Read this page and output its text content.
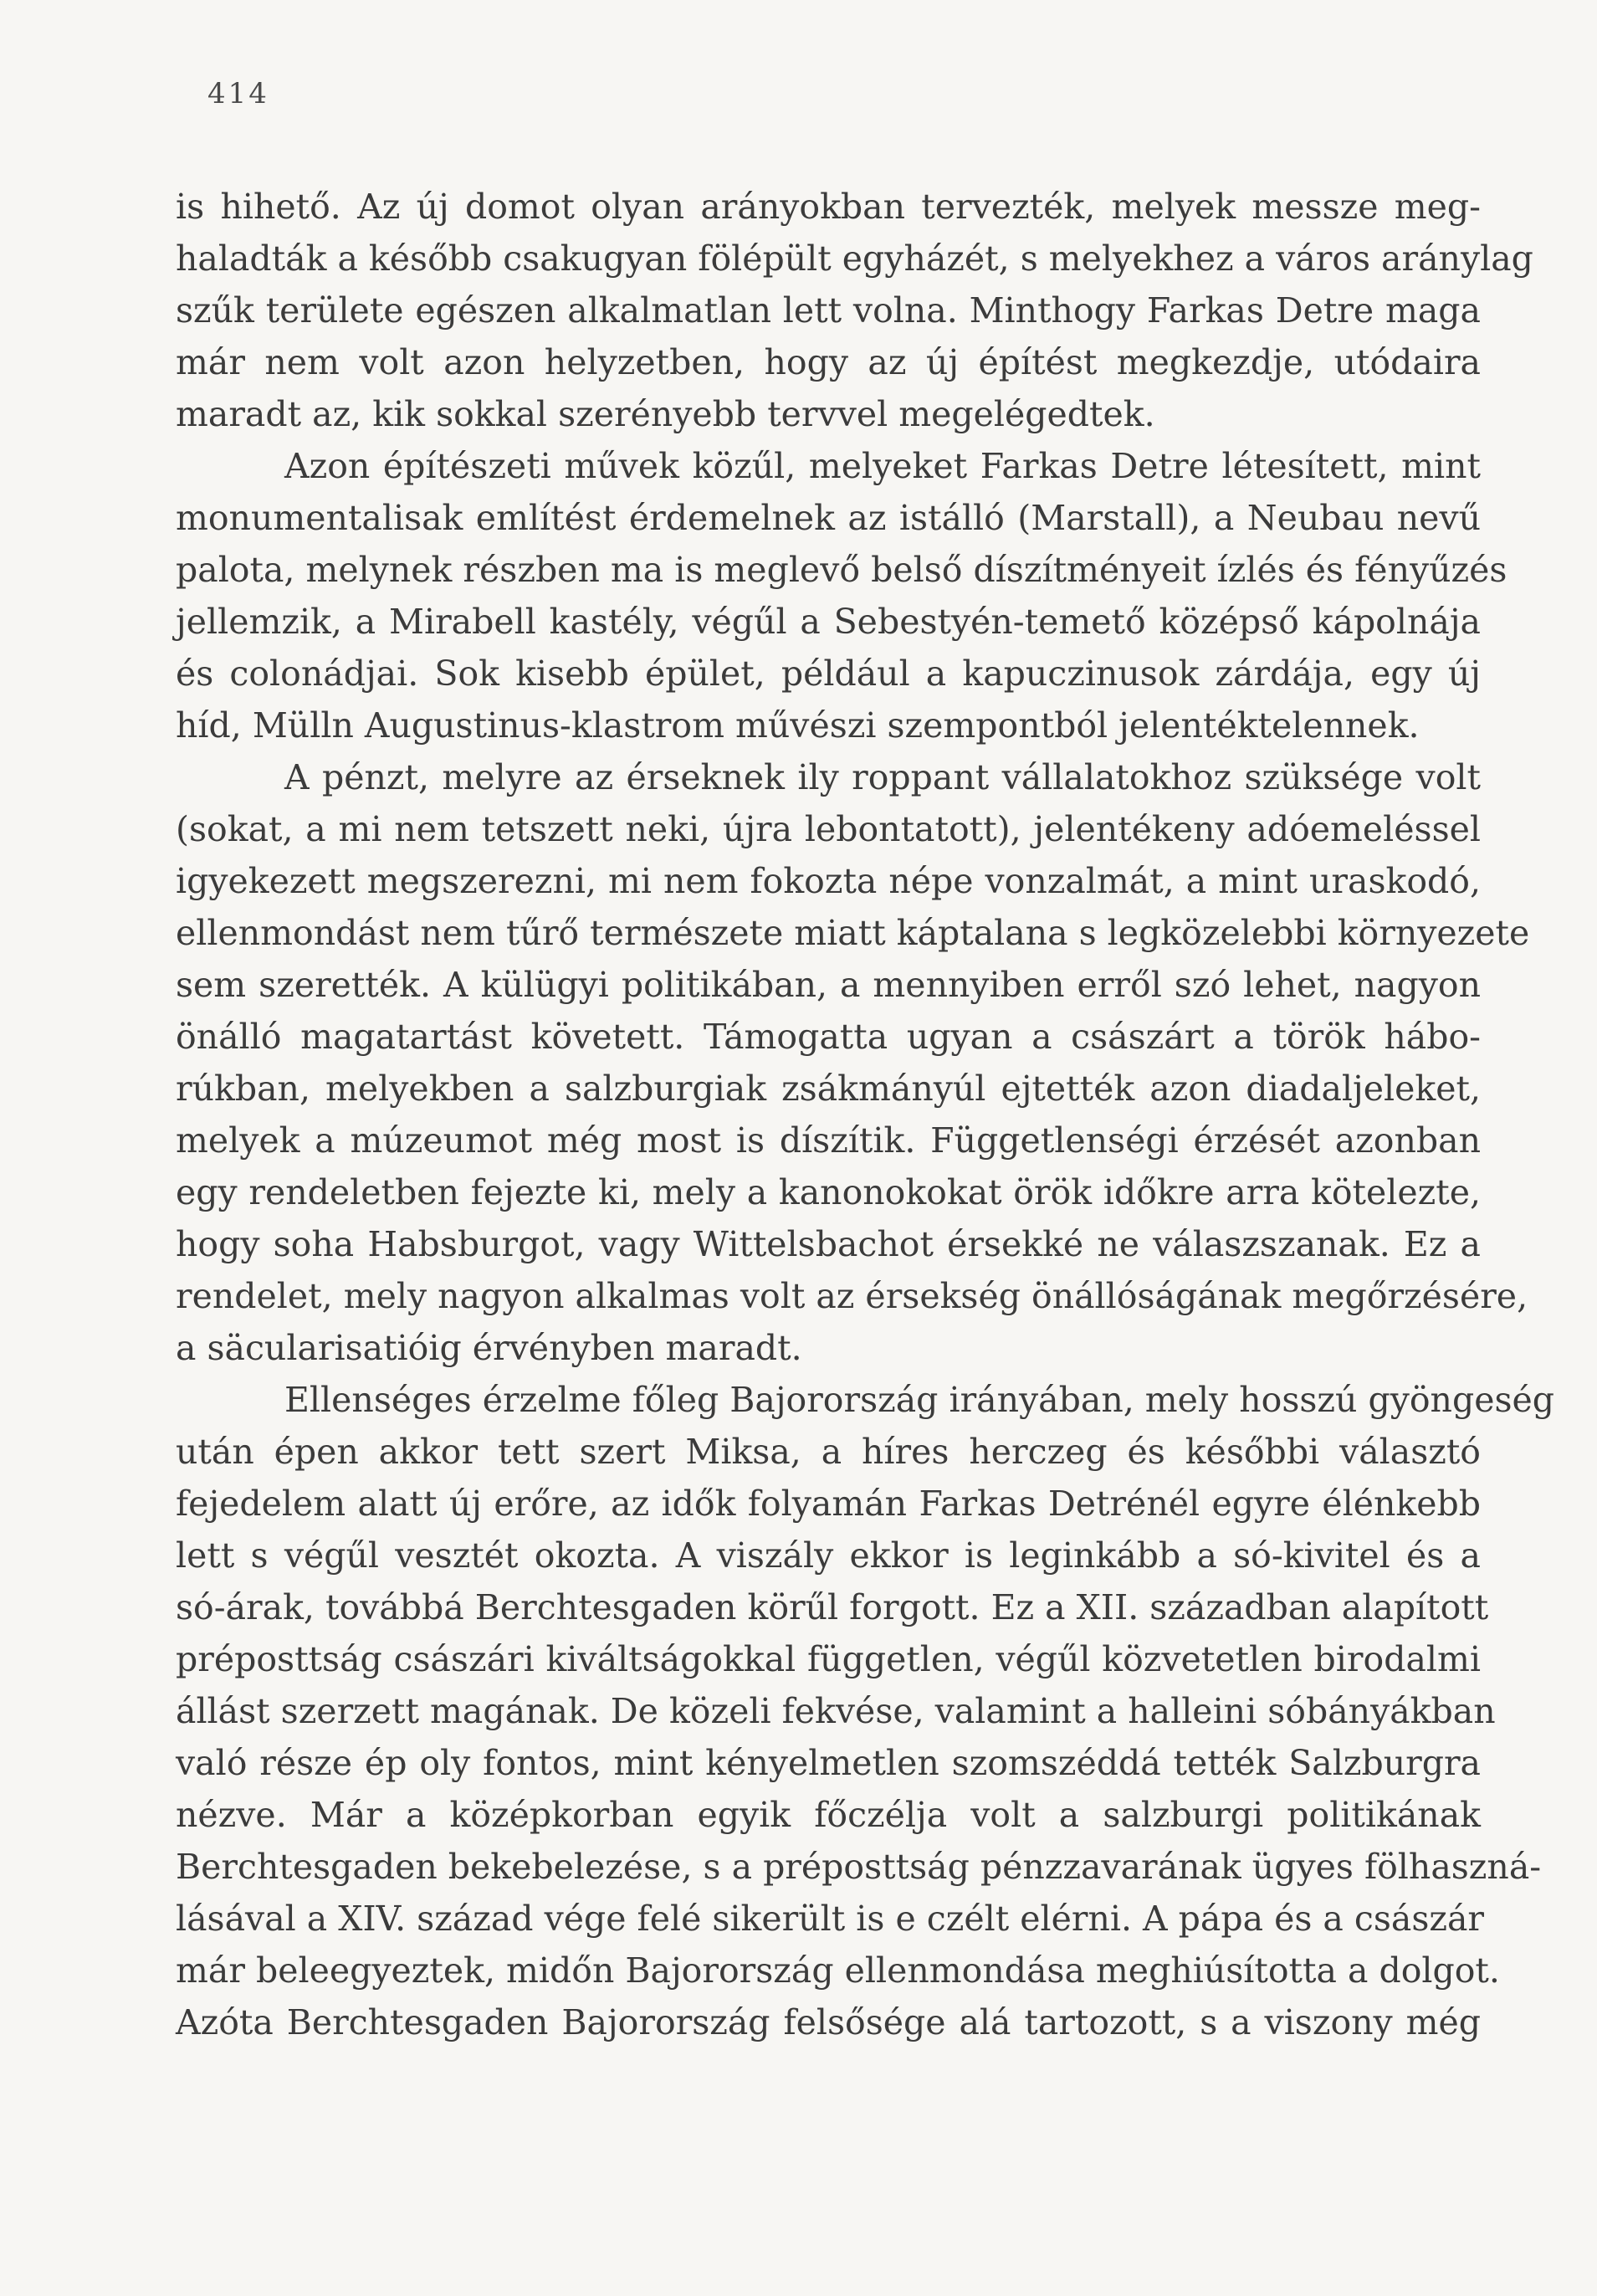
414
is hihető. Az új domot olyan arányokban tervezték, melyek messze meg-
haladták a később csakugyan fölépült egyházét, s melyekhez a város aránylag
szűk területe egészen alkalmatlan lett volna. Minthogy Farkas Detre maga
már nem volt azon helyzetben, hogy az új építést megkezdje, utódaira
maradt az, kik sokkal szerényebb tervvel megelégedtek.
Azon építészeti művek közűl, melyeket Farkas Detre létesített, mint
monumentalisak említést érdemelnek az istálló (Marstall), a Neubau nevű
palota, melynek részben ma is meglevő belső díszítményeit ízlés és fényűzés
jellemzik, a Mirabell kastély, végűl a Sebestyén-temető középső kápolnája
és colonádjai. Sok kisebb épület, például a kapuczinusok zárdája, egy új
híd, Mülln Augustinus-klastrom művészi szempontból jelentéktelennek.
A pénzt, melyre az érseknek ily roppant vállalatokhoz szüksége volt
(sokat, a mi nem tetszett neki, újra lebontatott), jelentékeny adóemeléssel
igyekezett megszerezni, mi nem fokozta népe vonzalmát, a mint uraskodó,
ellenmondást nem tűrő természete miatt káptalana s legközelebbi környezete
sem szerették. A külügyi politikában, a mennyiben erről szó lehet, nagyon
önálló magatartást követett. Támogatta ugyan a császárt a török hábo-
rúkban, melyekben a salzburgiak zsákmányúl ejtették azon diadaljeleket,
melyek a múzeumot még most is díszítik. Függetlenségi érzését azonban
egy rendeletben fejezte ki, mely a kanonokokat örök időkre arra kötelezte,
hogy soha Habsburgot, vagy Wittelsbachot érsekké ne válaszszanak. Ez a
rendelet, mely nagyon alkalmas volt az érsekség önállóságának megőrzésére,
a säcularisatióig érvényben maradt.
Ellenséges érzelme főleg Bajorország irányában, mely hosszú gyöngeség
után épen akkor tett szert Miksa, a híres herczeg és későbbi választó
fejedelem alatt új erőre, az idők folyamán Farkas Detrénél egyre élénkebb
lett s végűl vesztét okozta. A viszály ekkor is leginkább a só-kivitel és a
só-árak, továbbá Berchtesgaden körűl forgott. Ez a XII. században alapított
préposttság császári kiváltságokkal független, végűl közvetetlen birodalmi
állást szerzett magának. De közeli fekvése, valamint a halleini sóbányákban
való része ép oly fontos, mint kényelmetlen szomszéddá tették Salzburgra
nézve. Már a középkorban egyik főczélja volt a salzburgi politikának
Berchtesgaden bekebelezése, s a préposttság pénzzavarának ügyes fölhaszná-
lásával a XIV. század vége felé sikerült is e czélt elérni. A pápa és a császár
már beleegyeztek, midőn Bajorország ellenmondása meghiúsította a dolgot.
Azóta Berchtesgaden Bajorország felsősége alá tartozott, s a viszony még
